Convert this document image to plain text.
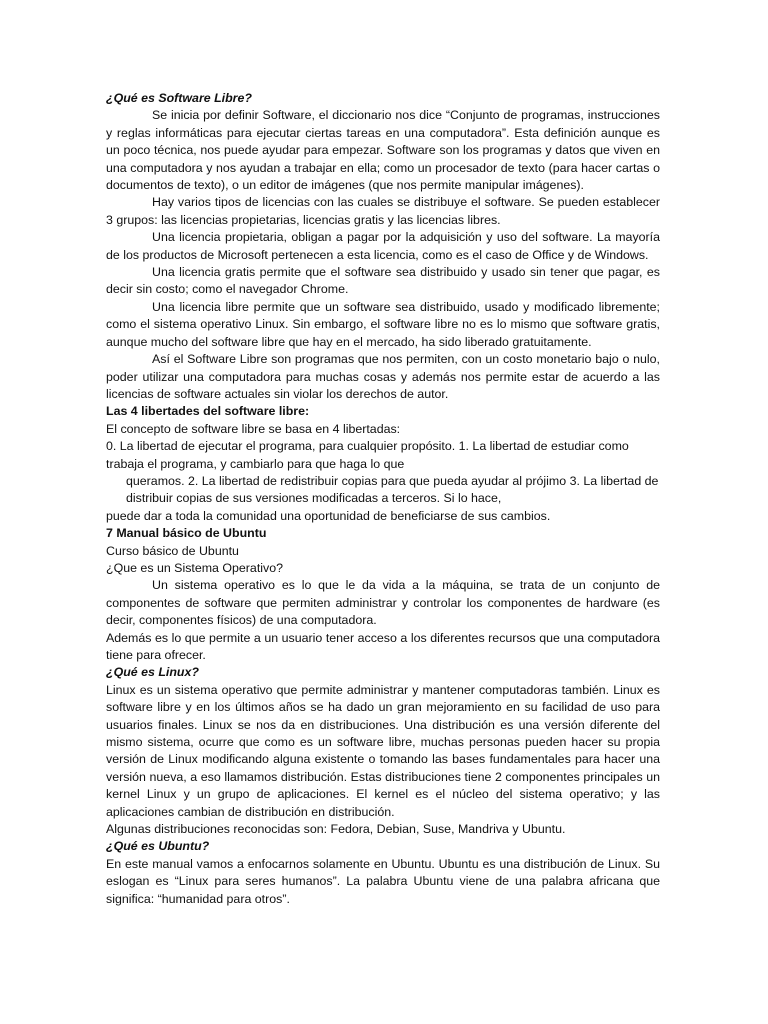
¿Qué es Software Libre?

Se inicia por definir Software, el diccionario nos dice “Conjunto de programas, instrucciones y reglas informáticas para ejecutar ciertas tareas en una computadora”. Esta definición aunque es un poco técnica, nos puede ayudar para empezar. Software son los programas y datos que viven en una computadora y nos ayudan a trabajar en ella; como un procesador de texto (para hacer cartas o documentos de texto), o un editor de imágenes (que nos permite manipular imágenes).

Hay varios tipos de licencias con las cuales se distribuye el software. Se pueden establecer 3 grupos: las licencias propietarias, licencias gratis y las licencias libres.

Una licencia propietaria, obligan a pagar por la adquisición y uso del software. La mayoría de los productos de Microsoft pertenecen a esta licencia, como es el caso de Office y de Windows.

Una licencia gratis permite que el software sea distribuido y usado sin tener que pagar, es decir sin costo; como el navegador Chrome.

Una licencia libre permite que un software sea distribuido, usado y modificado libremente; como el sistema operativo Linux. Sin embargo, el software libre no es lo mismo que software gratis, aunque mucho del software libre que hay en el mercado, ha sido liberado gratuitamente.

Así el Software Libre son programas que nos permiten, con un costo monetario bajo o nulo, poder utilizar una computadora para muchas cosas y además nos permite estar de acuerdo a las licencias de software actuales sin violar los derechos de autor.

Las 4 libertades del software libre:

El concepto de software libre se basa en 4 libertadas:

0. La libertad de ejecutar el programa, para cualquier propósito. 1. La libertad de estudiar como trabaja el programa, y cambiarlo para que haga lo que

queramos. 2. La libertad de redistribuir copias para que pueda ayudar al prójimo 3. La libertad de distribuir copias de sus versiones modificadas a terceros. Si lo hace,

puede dar a toda la comunidad una oportunidad de beneficiarse de sus cambios.

7 Manual básico de Ubuntu

Curso básico de Ubuntu

¿Que es un Sistema Operativo?

Un sistema operativo es lo que le da vida a la máquina, se trata de un conjunto de componentes de software que permiten administrar y controlar los componentes de hardware (es decir, componentes físicos) de una computadora.

Además es lo que permite a un usuario tener acceso a los diferentes recursos que una computadora tiene para ofrecer.

¿Qué es Linux?

Linux es un sistema operativo que permite administrar y mantener computadoras también. Linux es software libre y en los últimos años se ha dado un gran mejoramiento en su facilidad de uso para usuarios finales. Linux se nos da en distribuciones. Una distribución es una versión diferente del mismo sistema, ocurre que como es un software libre, muchas personas pueden hacer su propia versión de Linux modificando alguna existente o tomando las bases fundamentales para hacer una versión nueva, a eso llamamos distribución. Estas distribuciones tiene 2 componentes principales un kernel Linux y un grupo de aplicaciones. El kernel es el núcleo del sistema operativo; y las aplicaciones cambian de distribución en distribución.

Algunas distribuciones reconocidas son: Fedora, Debian, Suse, Mandriva y Ubuntu.

¿Qué es Ubuntu?

En este manual vamos a enfocarnos solamente en Ubuntu. Ubuntu es una distribución de Linux. Su eslogan es “Linux para seres humanos”. La palabra Ubuntu viene de una palabra africana que significa: “humanidad para otros”.
